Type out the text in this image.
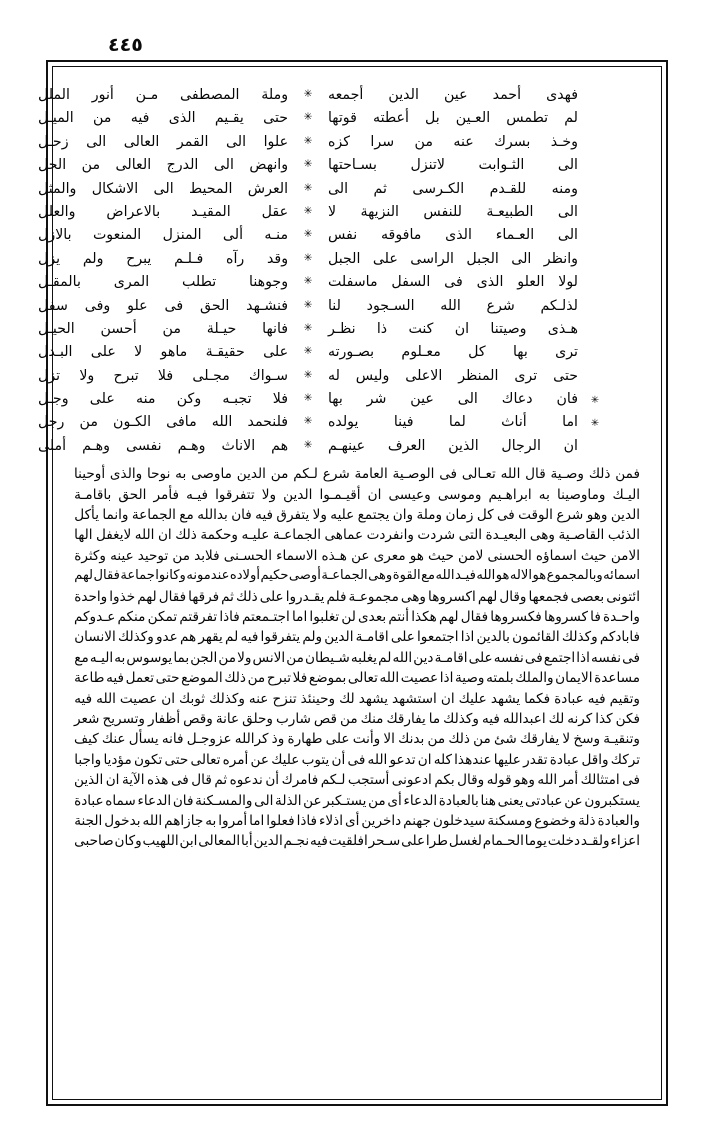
٤٤٥
فهدى أحمد عين الدين أجمعه
✳
وملة المصطفى مـن أنور الملل
لم تطمس العـين بل أعطته قوتها
✳
حتى يقـيم الذى فيه من الميـل
وخـذ بسرك عنه من سرا كزه
✳
علوا الى القمر العالى الى زحـل
الى الثـوابت لاتنزل بسـاحتها
✳
وانهض الى الدرج العالى من الحل
ومنه للقـدم الكـرسى ثم الى
✳
العرش المحيط الى الاشكال والمثل
الى الطبيعـة للنفس النزيهة لا
✳
عقل المقيـد بالاعراض والعلل
الى العـماء الذى مافوقه نفس
✳
منـه ألى المنزل المنعوت بالازل
وانظر الى الجبل الراسى على الجبل
✳
وقد رآه فـلـم يبرح ولم يزل
لولا العلو الذى فى السفل ماسفلت
✳
وجوهنا تطلب المرى بالمقـل
لذلـكم شرع الله السـجود لنا
✳
فنشـهد الحق فى علو وفى سفل
هـذى وصيتنا ان كنت ذا نظـر
✳
فانها حيـلة من أحسن الحيـل
ترى بها كل معـلوم بصـورته
✳
على حقيقـة ماهو لا على البـدل
حتى ترى المنظر الاعلى وليس له
✳
سـواك مجـلى فلا تبرح ولا تزل
✳
فان دعاك الى عين شر بها
✳
فلا تجبـه وكن منه على وجـل
✳
اما أناث لما فينا يولده
✳
فلنحمد الله مافى الكـون من رجل
ان الرجال الذين العرف عينهـم
✳
هم الاناث وهـم نفسى وهـم أملى
فمن
ذلك
وصـية
قال
الله
تعـالى
فى
الوصـية
العامة
شرع
لـكم
من
الدين
ماوصى
به
نوحا
والذى
أوحينا
اليـك
وماوصينا
به
ابراهـيم
وموسى
وعيسى
ان
أقيـمـوا
الدين
ولا
تتفرقوا
فيـه
فأمر
الحق
باقامـة
الدين
وهو
شرع
الوقت
فى
كل
زمان
وملة
وان
يجتمع
عليه
ولا
يتفرق
فيه
فان
بدالله
مع
الجماعة
وانما
يأكل
الذئب
القاصـية
وهى
البعيـدة
التى
شردت
وانفردت
عماهى
الجماعـة
عليـه
وحكمة
ذلك
ان
الله
لايغفل
الها
الامن
حيث
اسماؤه
الحسنى
لامن
حيث
هو
معرى
عن
هـذه
الاسماء
الحسـنى
فلابد
من
توحيد
عينه
وكثرة
اسمائه
وبالمجموع
هو
الاله
هو
الله
فيـد
الله
مع
القوة
وهى
الجماعـة
أوصى
حكيم
أولاده
عندمونه
وكانوا
جماعة
فقال
لهم
ائتونى
بعصى
فجمعها
وقال
لهم
اكسروها
وهى
مجموعـة
فلم
يقـدروا
على
ذلك
ثم
فرقها
فقال
لهم
خذوا
واحدة
واحـدة
فا
كسروها
فكسروها
فقال
لهم
هكذا
أنتم
بعدى
لن
تغلبوا
اما
اجتـمعتم
فاذا
تفرقتم
تمكن
منكم
عـدوكم
فابادكم
وكذلك
القائمون
بالدين
اذا
اجتمعوا
على
اقامـة
الدين
ولم
يتفرقوا
فيه
لم
يقهر
هم
عدو
وكذلك
الانسان
فى
نفسه
اذا
اجتمع
فى
نفسه
على
اقامـة
دين
الله
لم
يغلبه
شـيطان
من
الانس
ولا
من
الجن
بما
يوسوس
به
اليـه
مع
مساعدة
الايمان
والملك
بلمته
وصية
اذا
عصيت
الله
تعالى
بموضع
فلا
تبرح
من
ذلك
الموضع
حتى
تعمل
فيه
طاعة
وتقيم
فيه
عبادة
فكما
يشهد
عليك
ان
استشهد
يشهد
لك
وحينئذ
تنزح
عنه
وكذلك
ثوبك
ان
عصيت
الله
فيه
فكن
كذا
كرنه
لك
اعبدالله
فيه
وكذلك
ما
يفارقك
منك
من
قص
شارب
وحلق
عانة
وقص
أظفار
وتسريح
شعر
وتنقيـة
وسخ
لا
يفارقك
شئ
من
ذلك
من
بدنك
الا
وأنت
على
طهارة
وذ
كرالله
عزوجـل
فانه
يسأل
عنك
كيف
تركك
واقل
عبادة
تقدر
عليها
عندهذا
كله
ان
تدعو
الله
فى
أن
يتوب
عليك
عن
أمره
تعالى
حتى
تكون
مؤديا
واجبا
فى
امتثالك
أمر
الله
وهو
قوله
وقال
بكم
ادعونى
أستجب
لـكم
فامرك
أن
ندعوه
ثم
قال
فى
هذه
الآية
ان
الذين
يستكبرون
عن
عبادتى
يعنى
هنا
بالعبادة
الدعاء
أى
من
يستـكبر
عن
الذلة
الى
والمسـكنة
فان
الدعاء
سماه
عبادة
والعبادة
ذلة
وخضوع
ومسكنة
سيدخلون
جهنم
داخرين
أى
اذلاء
فاذا
فعلوا
اما
أمروا
به
جازاهم
الله
بدخول
الجنة
اعزاء
ولقـد
دخلت
يوما
الحـمام
لغسل
طرا
على
سـحر
افلقيت
فيه
نجـم
الدين
أبا
المعالى
ابن
اللهيب
وكان
صاحبى
